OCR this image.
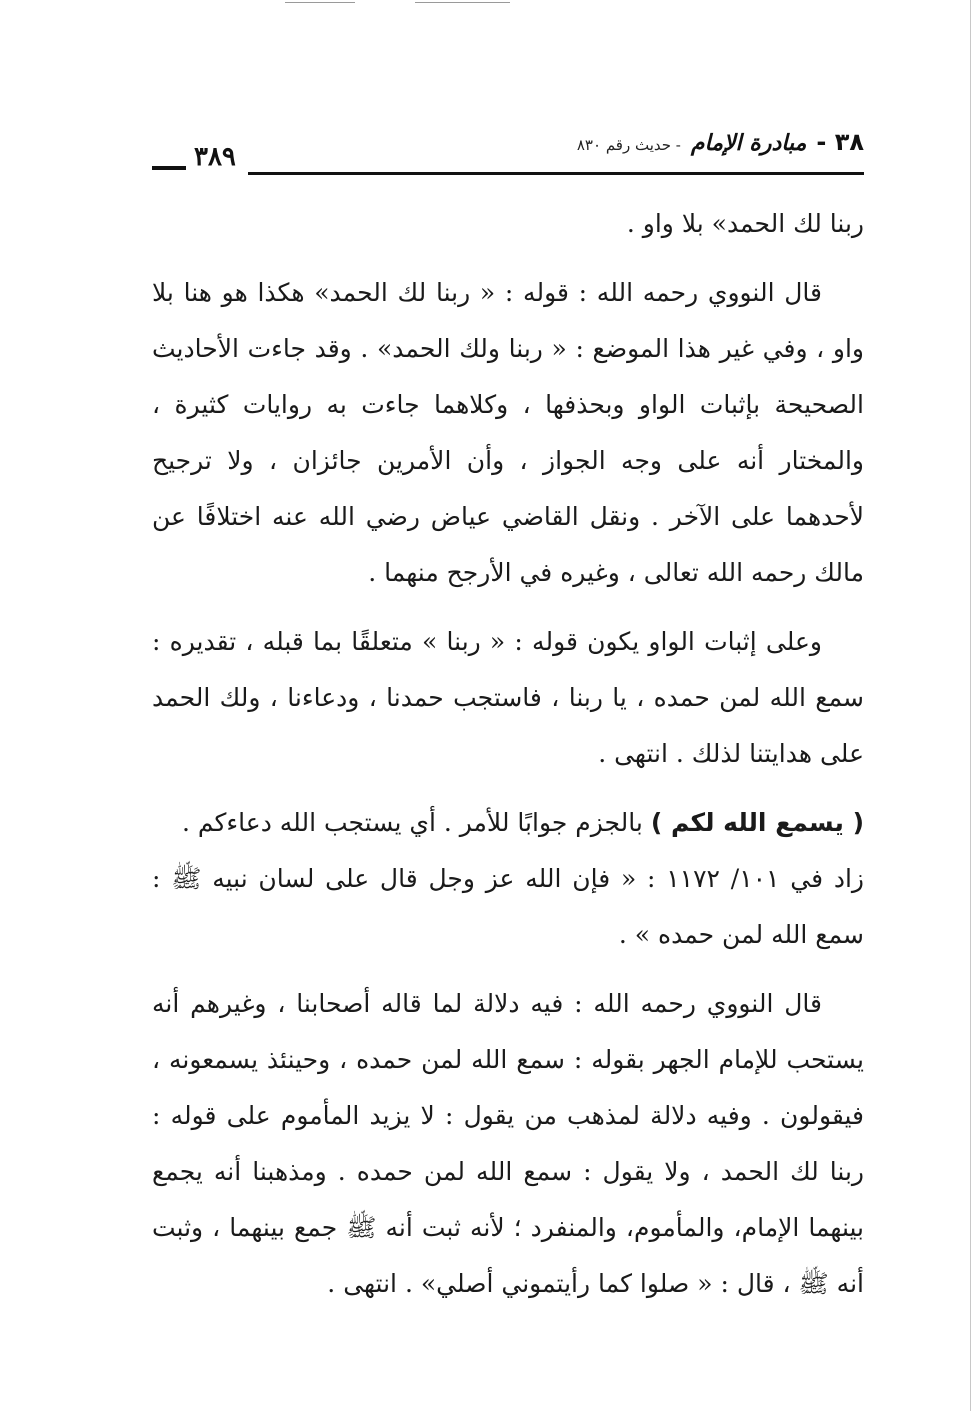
٣٨٩	٣٨ -
مبادرة الإمام
- حديث رقم ٨٣٠

ربنا لك الحمد» بلا واو .

قال النووي رحمه الله : قوله : « ربنا لك الحمد» هكذا هو هنا بلا واو ، وفي غير هذا الموضع : « ربنا ولك الحمد» . وقد جاءت الأحاديث الصحيحة بإثبات الواو وبحذفها ، وكلاهما جاءت به روايات كثيرة ، والمختار أنه على وجه الجواز ، وأن الأمرين جائزان ، ولا ترجيح لأحدهما على الآخر . ونقل القاضي عياض رضي الله عنه اختلافًا عن مالك رحمه الله تعالى ، وغيره في الأرجح منهما .

وعلى إثبات الواو يكون قوله : « ربنا » متعلقًا بما قبله ، تقديره : سمع الله لمن حمده ، يا ربنا ، فاستجب حمدنا ، ودعاءنا ، ولك الحمد على هدايتنا لذلك . انتهى .

( يسمع الله لكم ) بالجزم جوابًا للأمر . أي يستجب الله دعاءكم .

زاد في ١٠١/ ١١٧٢ : « فإن الله عز وجل قال على لسان نبيه ﷺ : سمع الله لمن حمده » .

قال النووي رحمه الله : فيه دلالة لما قاله أصحابنا ، وغيرهم أنه يستحب للإمام الجهر بقوله : سمع الله لمن حمده ، وحينئذ يسمعونه ، فيقولون . وفيه دلالة لمذهب من يقول : لا يزيد المأموم على قوله : ربنا لك الحمد ، ولا يقول : سمع الله لمن حمده . ومذهبنا أنه يجمع بينهما الإمام، والمأموم، والمنفرد ؛ لأنه ثبت أنه ﷺ جمع بينهما ، وثبت أنه ﷺ ، قال : « صلوا كما رأيتموني أصلي» . انتهى .
